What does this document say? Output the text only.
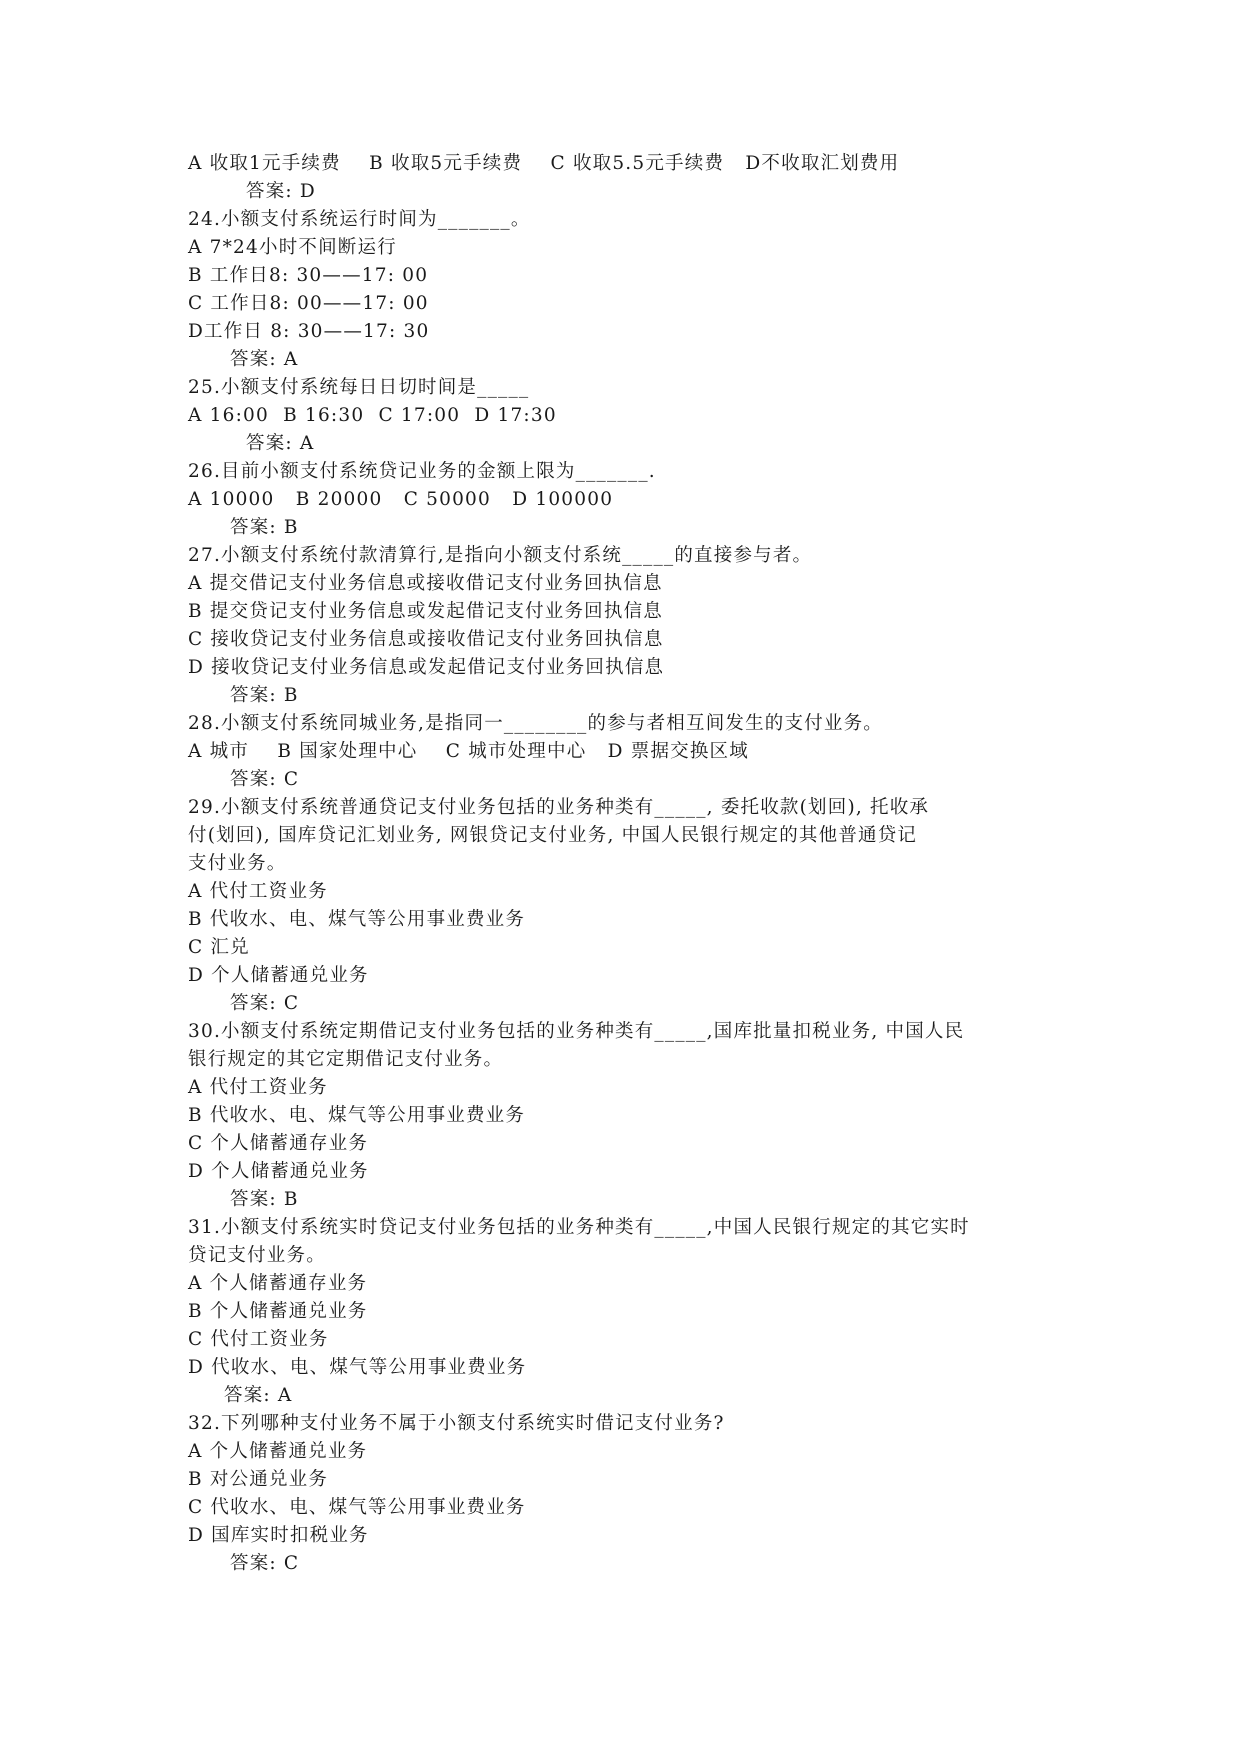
A 收取1元手续费    B 收取5元手续费    C 收取5.5元手续费   D不收取汇划费用
答案: D
24.小额支付系统运行时间为_______。
A 7*24小时不间断运行
B 工作日8: 30——17: 00
C 工作日8: 00——17: 00
D工作日 8: 30——17: 30
答案: A
25.小额支付系统每日日切时间是_____
A 16:00  B 16:30  C 17:00  D 17:30
答案: A
26.目前小额支付系统贷记业务的金额上限为_______.
A 10000   B 20000   C 50000   D 100000
答案: B
27.小额支付系统付款清算行,是指向小额支付系统_____的直接参与者。
A 提交借记支付业务信息或接收借记支付业务回执信息
B 提交贷记支付业务信息或发起借记支付业务回执信息
C 接收贷记支付业务信息或接收借记支付业务回执信息
D 接收贷记支付业务信息或发起借记支付业务回执信息
答案: B
28.小额支付系统同城业务,是指同一________的参与者相互间发生的支付业务。
A 城市    B 国家处理中心    C 城市处理中心   D 票据交换区域
答案: C
29.小额支付系统普通贷记支付业务包括的业务种类有_____, 委托收款(划回), 托收承
付(划回), 国库贷记汇划业务, 网银贷记支付业务, 中国人民银行规定的其他普通贷记
支付业务。
A 代付工资业务
B 代收水、电、煤气等公用事业费业务
C 汇兑
D 个人储蓄通兑业务
答案: C
30.小额支付系统定期借记支付业务包括的业务种类有_____,国库批量扣税业务, 中国人民
银行规定的其它定期借记支付业务。
A 代付工资业务
B 代收水、电、煤气等公用事业费业务
C 个人储蓄通存业务
D 个人储蓄通兑业务
答案: B
31.小额支付系统实时贷记支付业务包括的业务种类有_____,中国人民银行规定的其它实时
贷记支付业务。
A 个人储蓄通存业务
B 个人储蓄通兑业务
C 代付工资业务
D 代收水、电、煤气等公用事业费业务
答案: A
32.下列哪种支付业务不属于小额支付系统实时借记支付业务?
A 个人储蓄通兑业务
B 对公通兑业务
C 代收水、电、煤气等公用事业费业务
D 国库实时扣税业务
答案: C
